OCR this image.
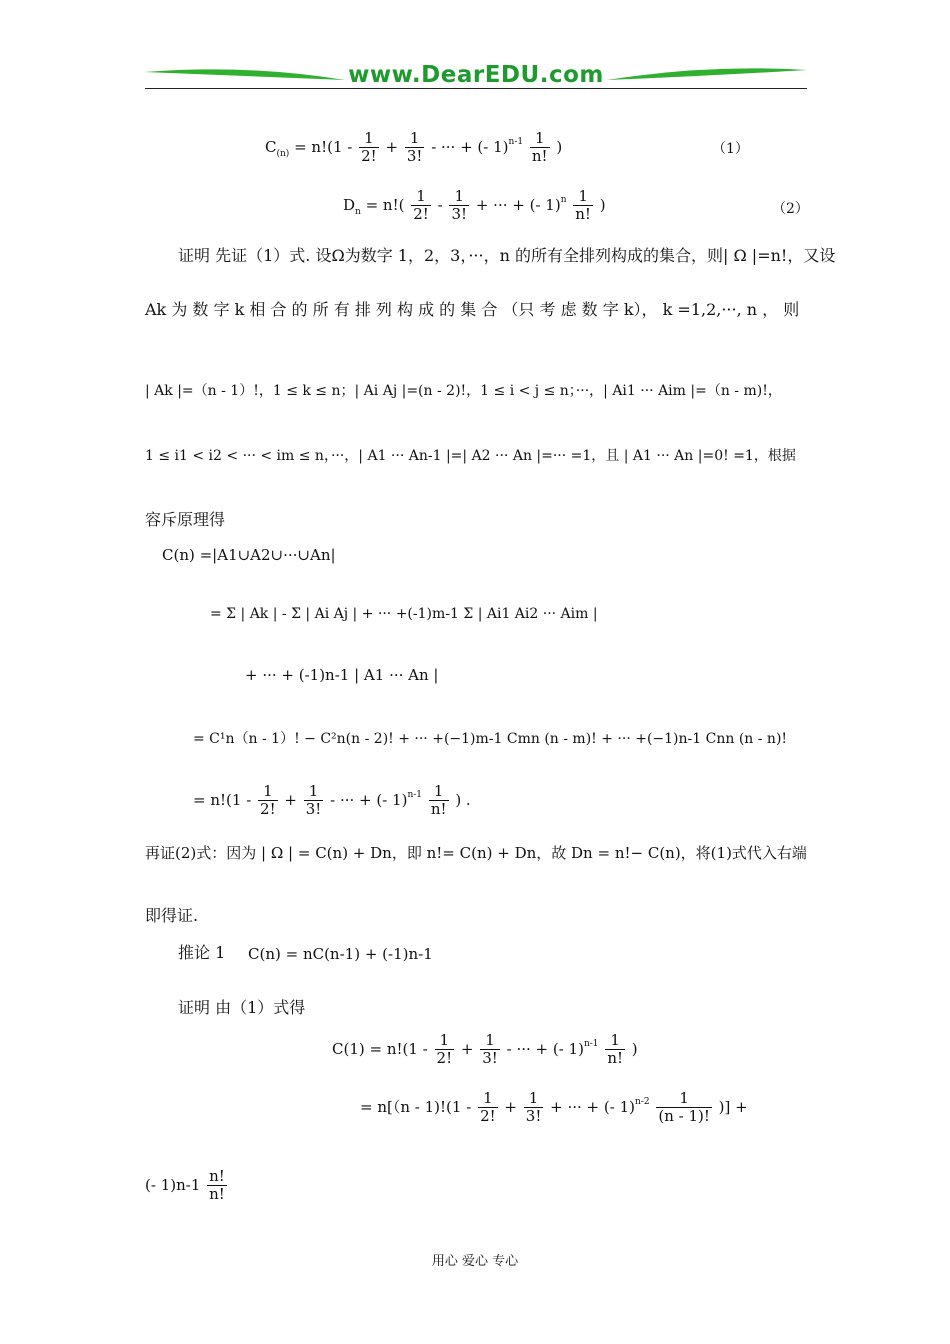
www.DearEDU.com
$C_{(n)} = n!(1 - \frac{1}{2!} + \frac{1}{3!}$ - ··· + (- $1)^{n-1} \frac{1}{n!}$ )	（1）
$D_n = n!( \frac{1}{2!} - \frac{1}{3!}$ + ··· + (- $1)^n \frac{1}{n!}$ )	（2）
证明 先证（1）式. 设Ω为数字 1，2，3，···，n 的所有全排列构成的集合，则| Ω |=n!，又设
Ak 为 数 字 k 相 合 的 所 有 排 列 构 成 的 集 合 （只 考 虑 数 字 k）， k =1,2,···, n ， 则
| Ak |=（n - 1）!，1 ≤ k ≤ n；| Ai Aj |=(n - 2)!，1 ≤ i < j ≤ n；···，| Ai1 ··· Aim |=（n - m)!，
1 ≤ i1 < i2 < ··· < im ≤ n，···，| A1 ··· An-1 |=| A2 ··· An |=··· =1，且 | A1 ··· An |=0! =1，根据
容斥原理得
C(n) =|A1∪A2∪···∪An|
= Σ | Ak | - Σ | Ai Aj | + ··· +(-1)m-1 Σ | Ai1 Ai2 ··· Aim |
+ ··· + (-1)n-1 | A1 ··· An |
= C¹n（n - 1）! − C²n(n - 2)! + ··· +(−1)m-1 Cmn (n - m)! + ··· +(−1)n-1 Cnn (n - n)!
= $n!(1 - \frac{1}{2!} + \frac{1}{3!}$ - ··· + (- $1)^{n-1} \frac{1}{n!}$ ) .
再证(2)式：因为 | Ω | = C(n) + Dn，即 n!= C(n) + Dn，故 Dn = n!− C(n)，将(1)式代入右端
即得证.
推论 1 C(n) = nC(n-1) + (-1)n-1
证明 由（1）式得
$C(1) = n!(1 - \frac{1}{2!} + \frac{1}{3!}$ - ··· + (- $1)^{n-1} \frac{1}{n!}$ )
= $n[(n - 1)!(1 - \frac{1}{2!} + \frac{1}{3!}$ + ··· + (- $1)^{n-2} \frac{1}{(n - 1)!}$ )] +
(- $1)n-1 \frac{n!}{n!}$
用心 爱心 专心
